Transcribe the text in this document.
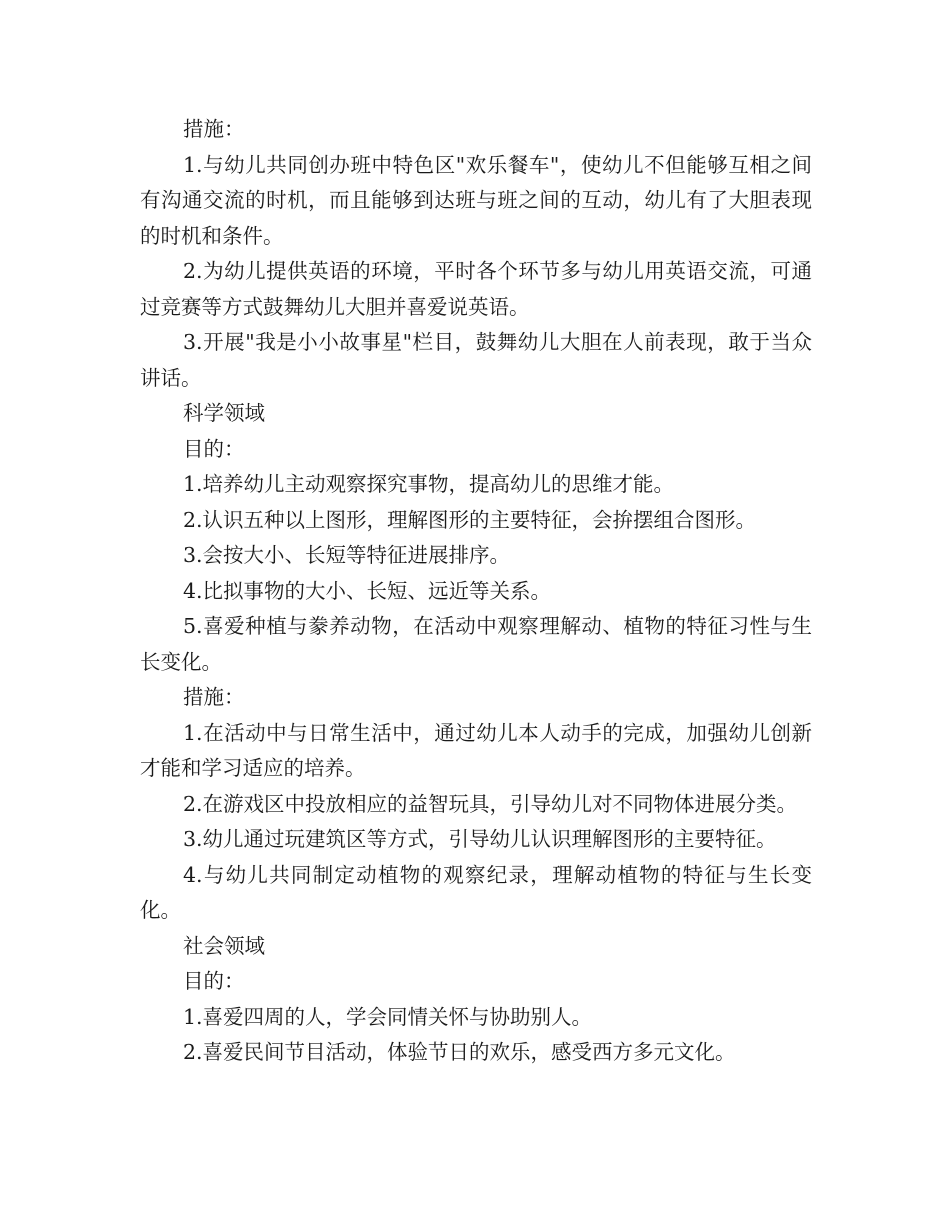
措施：

1.与幼儿共同创办班中特色区"欢乐餐车"，使幼儿不但能够互相之间有沟通交流的时机，而且能够到达班与班之间的互动，幼儿有了大胆表现的时机和条件。

2.为幼儿提供英语的环境，平时各个环节多与幼儿用英语交流，可通过竞赛等方式鼓舞幼儿大胆并喜爱说英语。

3.开展"我是小小故事星"栏目，鼓舞幼儿大胆在人前表现，敢于当众讲话。

科学领域

目的：

1.培养幼儿主动观察探究事物，提高幼儿的思维才能。

2.认识五种以上图形，理解图形的主要特征，会拚摆组合图形。

3.会按大小、长短等特征进展排序。

4.比拟事物的大小、长短、远近等关系。

5.喜爱种植与豢养动物，在活动中观察理解动、植物的特征习性与生长变化。

措施：

1.在活动中与日常生活中，通过幼儿本人动手的完成，加强幼儿创新才能和学习适应的培养。

2.在游戏区中投放相应的益智玩具，引导幼儿对不同物体进展分类。

3.幼儿通过玩建筑区等方式，引导幼儿认识理解图形的主要特征。

4.与幼儿共同制定动植物的观察纪录，理解动植物的特征与生长变化。

社会领域

目的：

1.喜爱四周的人，学会同情关怀与协助别人。

2.喜爱民间节目活动，体验节日的欢乐，感受西方多元文化。
